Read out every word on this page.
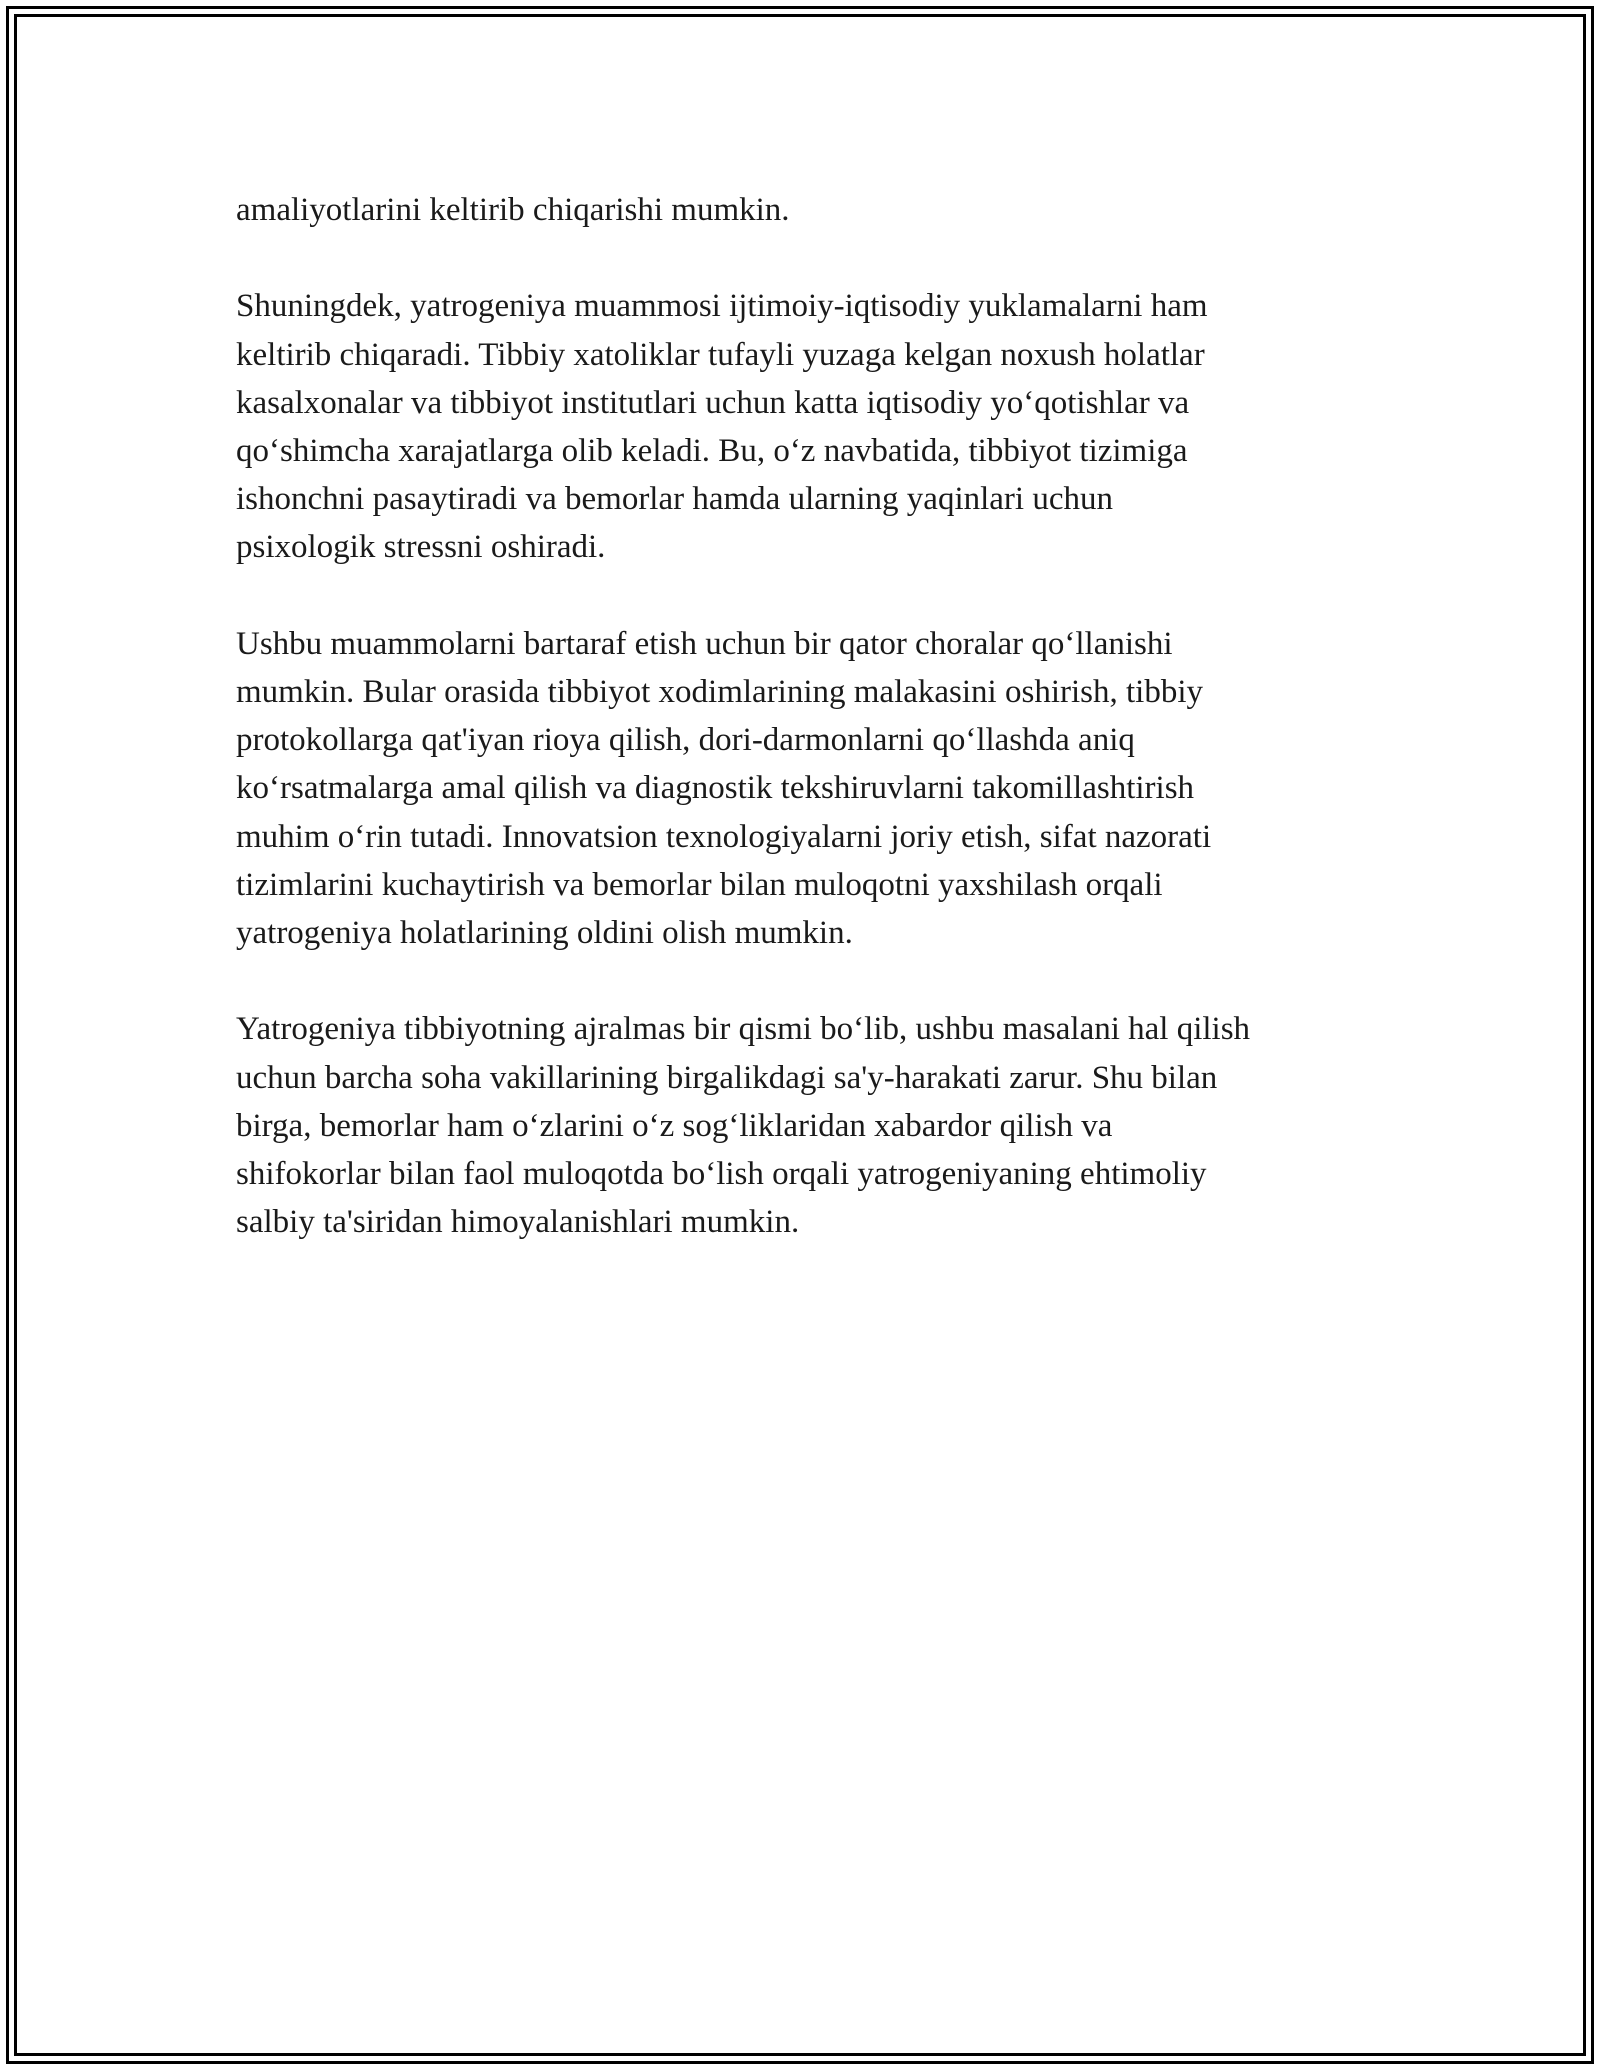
amaliyotlarini keltirib chiqarishi mumkin.

Shuningdek, yatrogeniya muammosi ijtimoiy-iqtisodiy yuklamalarni ham
keltirib chiqaradi. Tibbiy xatoliklar tufayli yuzaga kelgan noxush holatlar
kasalxonalar va tibbiyot institutlari uchun katta iqtisodiy yo‘qotishlar va
qo‘shimcha xarajatlarga olib keladi. Bu, o‘z navbatida, tibbiyot tizimiga
ishonchni pasaytiradi va bemorlar hamda ularning yaqinlari uchun
psixologik stressni oshiradi.

Ushbu muammolarni bartaraf etish uchun bir qator choralar qo‘llanishi
mumkin. Bular orasida tibbiyot xodimlarining malakasini oshirish, tibbiy
protokollarga qat'iyan rioya qilish, dori-darmonlarni qo‘llashda aniq
ko‘rsatmalarga amal qilish va diagnostik tekshiruvlarni takomillashtirish
muhim o‘rin tutadi. Innovatsion texnologiyalarni joriy etish, sifat nazorati
tizimlarini kuchaytirish va bemorlar bilan muloqotni yaxshilash orqali
yatrogeniya holatlarining oldini olish mumkin.

Yatrogeniya tibbiyotning ajralmas bir qismi bo‘lib, ushbu masalani hal qilish
uchun barcha soha vakillarining birgalikdagi sa'y-harakati zarur. Shu bilan
birga, bemorlar ham o‘zlarini o‘z sog‘liklaridan xabardor qilish va
shifokorlar bilan faol muloqotda bo‘lish orqali yatrogeniyaning ehtimoliy
salbiy ta'siridan himoyalanishlari mumkin.
